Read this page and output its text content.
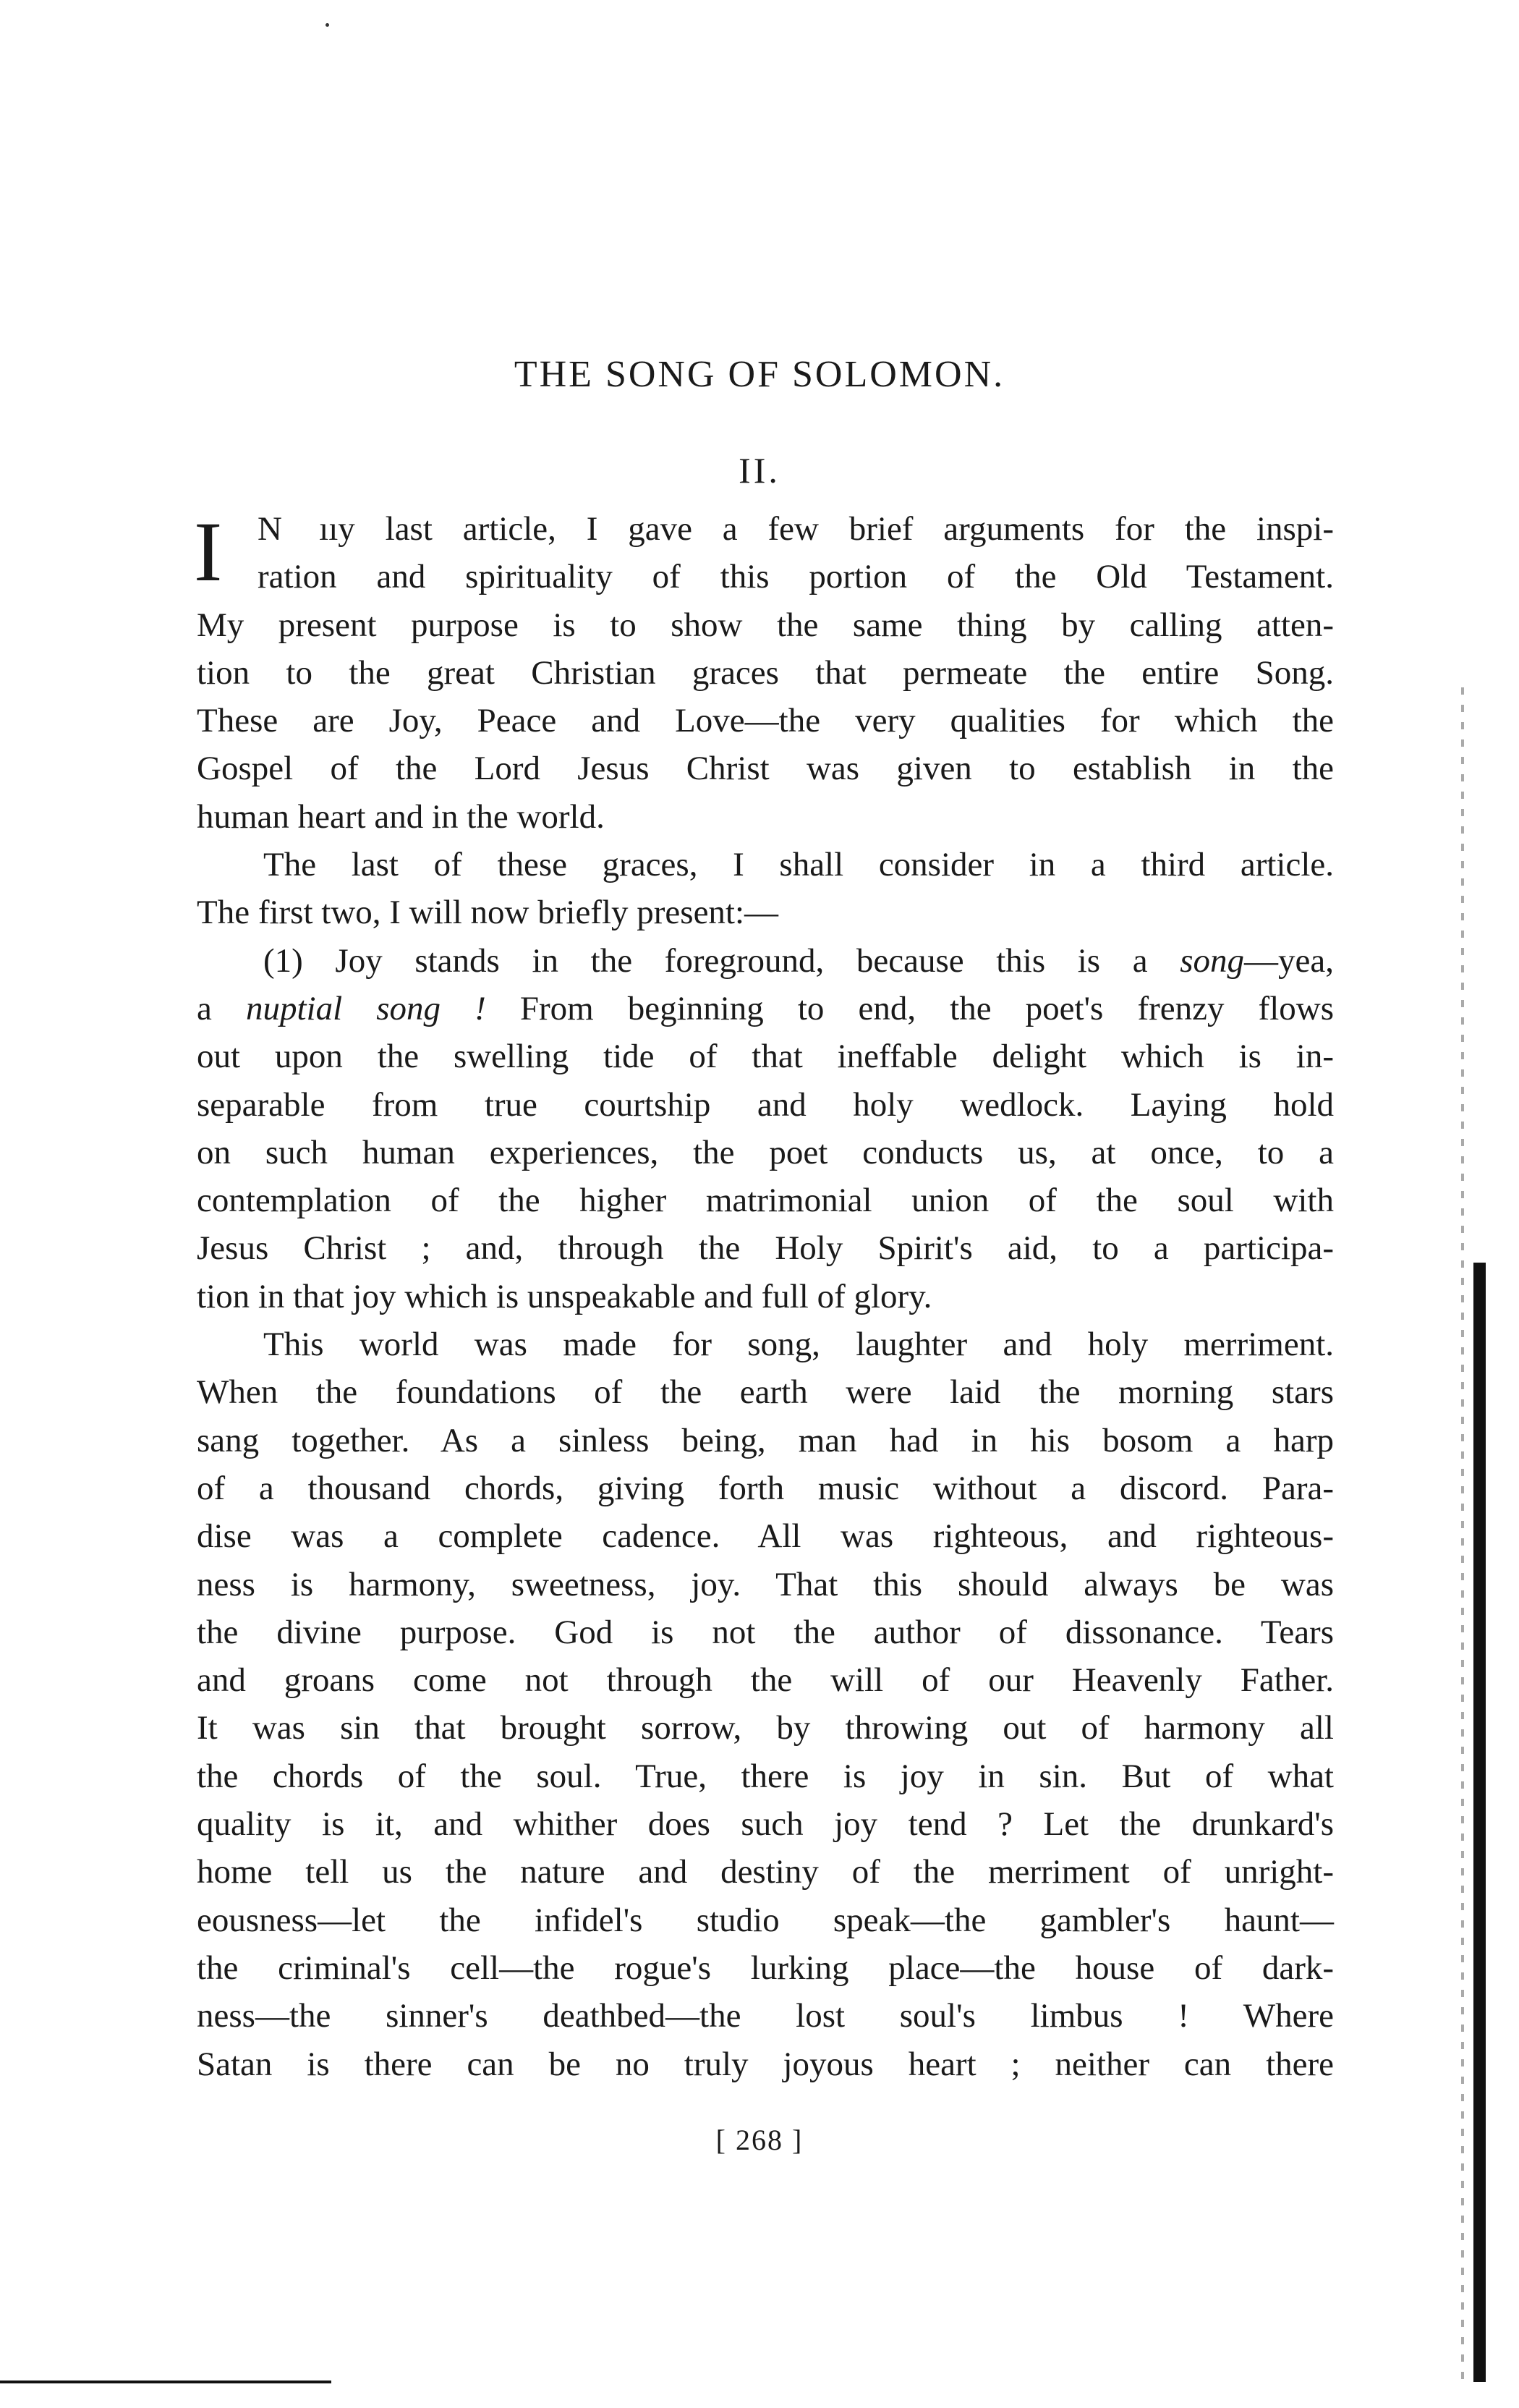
THE SONG OF SOLOMON.
II.
I	N  ııy last article, I gave a few brief arguments for the inspi-
ration and spirituality of this portion of the Old Testament.
My present purpose is to show the same thing by calling atten-
tion to the great Christian graces that permeate the entire Song.
These are Joy, Peace and Love—the very qualities for which the
Gospel of the Lord Jesus Christ was given to establish in the
human heart and in the world.
The last of these graces, I shall consider in a third article.
The first two, I will now briefly present:—
(1) Joy stands in the foreground, because this is a song—yea,
a nuptial song ! From beginning to end, the poet's frenzy flows
out upon the swelling tide of that ineffable delight which is in-
separable from true courtship and holy wedlock. Laying hold
on such human experiences, the poet conducts us, at once, to a
contemplation of the higher matrimonial union of the soul with
Jesus Christ ; and, through the Holy Spirit's aid, to a participa-
tion in that joy which is unspeakable and full of glory.
This world was made for song, laughter and holy merriment.
When the foundations of the earth were laid the morning stars
sang together. As a sinless being, man had in his bosom a harp
of a thousand chords, giving forth music without a discord. Para-
dise was a complete cadence. All was righteous, and righteous-
ness is harmony, sweetness, joy. That this should always be was
the divine purpose. God is not the author of dissonance. Tears
and groans come not through the will of our Heavenly Father.
It was sin that brought sorrow, by throwing out of harmony all
the chords of the soul. True, there is joy in sin. But of what
quality is it, and whither does such joy tend ? Let the drunkard's
home tell us the nature and destiny of the merriment of unright-
eousness—let the infidel's studio speak—the gambler's haunt—
the criminal's cell—the rogue's lurking place—the house of dark-
ness—the sinner's deathbed—the lost soul's limbus ! Where
Satan is there can be no truly joyous heart ; neither can there
[ 268 ]
